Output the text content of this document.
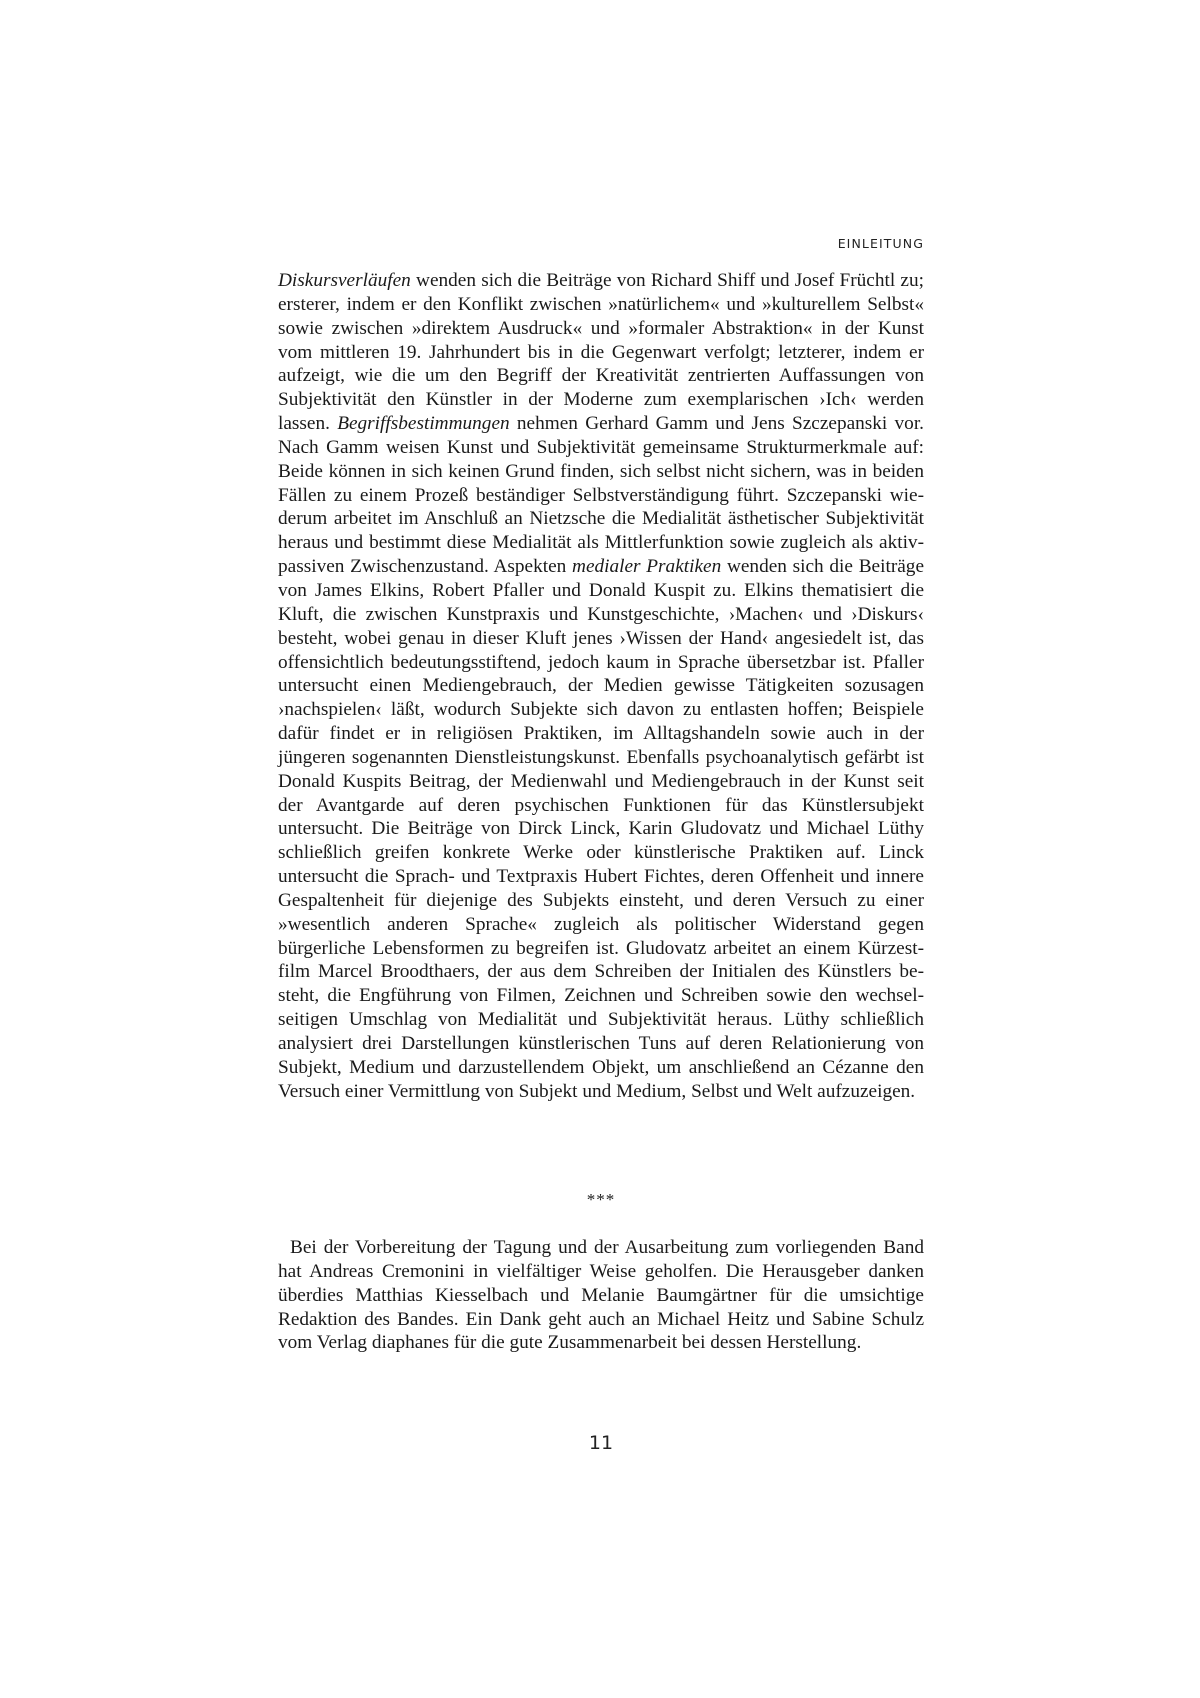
EINLEITUNG

Diskursverläufen wenden sich die Beiträge von Richard Shiff und Josef Früchtl zu; ersterer, indem er den Konflikt zwischen »natürlichem« und »kulturellem Selbst« sowie zwischen »direktem Ausdruck« und »formaler Abstraktion« in der Kunst vom mittleren 19. Jahrhundert bis in die Gegenwart verfolgt; letzterer, indem er aufzeigt, wie die um den Begriff der Kreativität zentrierten Auffassungen von Subjektivität den Künstler in der Moderne zum exemplarischen ›Ich‹ werden lassen. Begriffsbestimmungen nehmen Gerhard Gamm und Jens Szczepanski vor. Nach Gamm weisen Kunst und Subjektivität gemeinsame Strukturmerkmale auf: Beide können in sich keinen Grund finden, sich selbst nicht sichern, was in beiden Fällen zu einem Prozeß beständiger Selbstverständigung führt. Szczepanski wiederum arbeitet im Anschluß an Nietzsche die Medialität ästhetischer Subjektivität heraus und bestimmt diese Medialität als Mittlerfunktion sowie zugleich als aktiv-passiven Zwischenzustand. Aspekten medialer Praktiken wenden sich die Beiträge von James Elkins, Robert Pfaller und Donald Kuspit zu. Elkins thematisiert die Kluft, die zwischen Kunstpraxis und Kunstgeschichte, ›Machen‹ und ›Diskurs‹ besteht, wobei genau in dieser Kluft jenes ›Wissen der Hand‹ angesiedelt ist, das offensichtlich bedeutungsstiftend, jedoch kaum in Sprache übersetzbar ist. Pfaller untersucht einen Mediengebrauch, der Medien gewisse Tätigkeiten sozusagen ›nachspielen‹ läßt, wodurch Subjekte sich davon zu entlasten hoffen; Beispiele dafür findet er in religiösen Praktiken, im Alltagshandeln sowie auch in der jüngeren sogenannten Dienstleistungskunst. Ebenfalls psychoanalytisch gefärbt ist Donald Kuspits Beitrag, der Medienwahl und Mediengebrauch in der Kunst seit der Avantgarde auf deren psychischen Funktionen für das Künstlersubjekt untersucht. Die Beiträge von Dirck Linck, Karin Gludovatz und Michael Lüthy schließlich greifen konkrete Werke oder künstlerische Praktiken auf. Linck untersucht die Sprach- und Textpraxis Hubert Fichtes, deren Offenheit und innere Gespaltenheit für diejenige des Subjekts einsteht, und deren Versuch zu einer »wesentlich anderen Sprache« zugleich als politischer Widerstand gegen bürgerliche Lebensformen zu begreifen ist. Gludovatz arbeitet an einem Kürzestfilm Marcel Broodthaers, der aus dem Schreiben der Initialen des Künstlers besteht, die Engführung von Filmen, Zeichnen und Schreiben sowie den wechselseitigen Umschlag von Medialität und Subjektivität heraus. Lüthy schließlich analysiert drei Darstellungen künstlerischen Tuns auf deren Relationierung von Subjekt, Medium und darzustellendem Objekt, um anschließend an Cézanne den Versuch einer Vermittlung von Subjekt und Medium, Selbst und Welt aufzuzeigen.

***

Bei der Vorbereitung der Tagung und der Ausarbeitung zum vorliegenden Band hat Andreas Cremonini in vielfältiger Weise geholfen. Die Herausgeber danken überdies Matthias Kiesselbach und Melanie Baumgärtner für die umsichtige Redaktion des Bandes. Ein Dank geht auch an Michael Heitz und Sabine Schulz vom Verlag diaphanes für die gute Zusammenarbeit bei dessen Herstellung.

11
